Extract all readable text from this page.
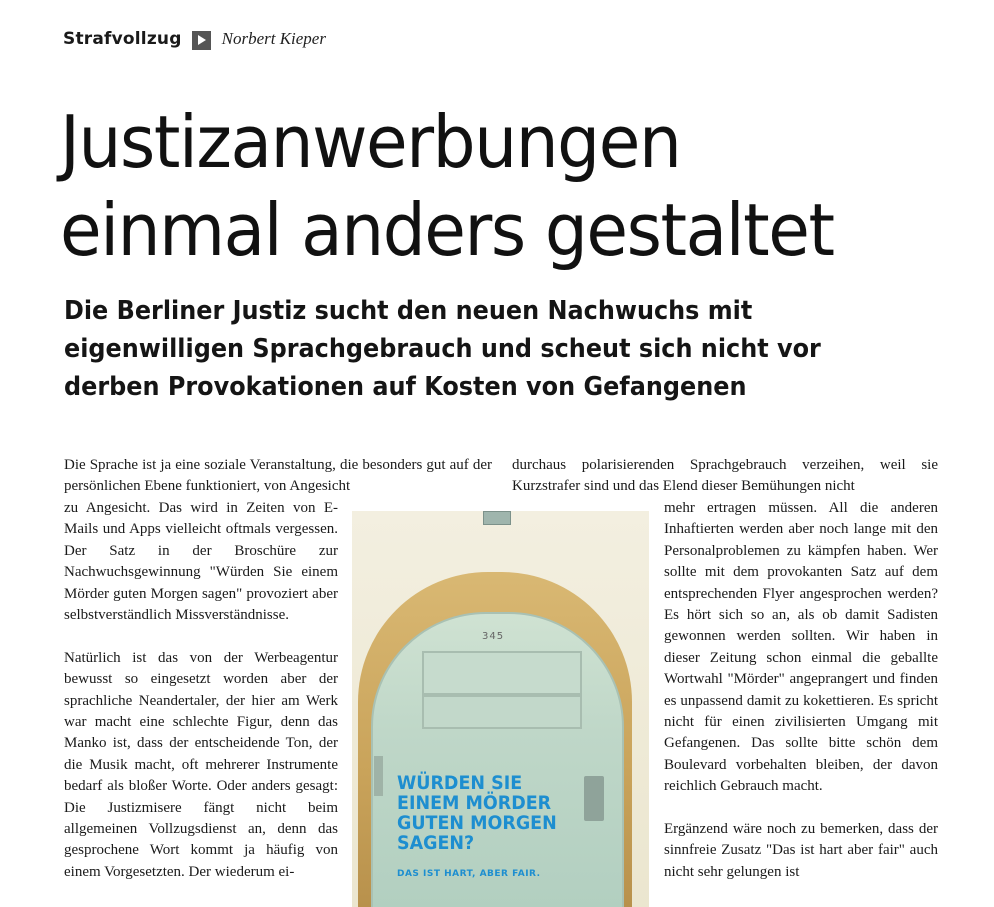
Strafvollzug Norbert Kieper
Justizanwerbungen
einmal anders gestaltet
Die Berliner Justiz sucht den neuen Nachwuchs mit
eigenwilligen Sprachgebrauch und scheut sich nicht vor
derben Provokationen auf Kosten von Gefangenen

Die Sprache ist ja eine soziale Veranstaltung, die besonders gut auf der persönlichen Ebene funktioniert, von Angesicht

zu Angesicht. Das wird in Zeiten von E-Mails und Apps vielleicht oftmals vergessen. Der Satz in der Broschüre zur Nachwuchsgewinnung "Würden Sie einem Mörder guten Morgen sagen" provoziert aber selbstverständlich Missverständnisse.

Natürlich ist das von der Werbeagentur bewusst so eingesetzt worden aber der sprachliche Neandertaler, der hier am Werk war macht eine schlechte Figur, denn das Manko ist, dass der entscheidende Ton, der die Musik macht, oft mehrerer Instrumente bedarf als bloßer Worte. Oder anders gesagt: Die Justizmisere fängt nicht beim allgemeinen Vollzugsdienst an, denn das gesprochene Wort kommt ja häufig von einem Vorgesetzten. Der wiederum ei-

durchaus polarisierenden Sprachgebrauch verzeihen, weil sie Kurzstrafer sind und das Elend dieser Bemühungen nicht

mehr ertragen müssen. All die anderen Inhaftierten werden aber noch lange mit den Personalproblemen zu kämpfen haben. Wer sollte mit dem provokanten Satz auf dem entsprechenden Flyer angesprochen werden? Es hört sich so an, als ob damit Sadisten gewonnen werden sollten. Wir haben in dieser Zeitung schon einmal die geballte Wortwahl "Mörder" angeprangert und finden es unpassend damit zu kokettieren. Es spricht nicht für einen zivilisierten Umgang mit Gefangenen. Das sollte bitte schön dem Boulevard vorbehalten bleiben, der davon reichlich Gebrauch macht.

Ergänzend wäre noch zu bemerken, dass der sinnfreie Zusatz "Das ist hart aber fair" auch nicht sehr gelungen ist

345
WÜRDEN SIE
EINEM MÖRDER
GUTEN MORGEN
SAGEN?
DAS IST HART, ABER FAIR.
